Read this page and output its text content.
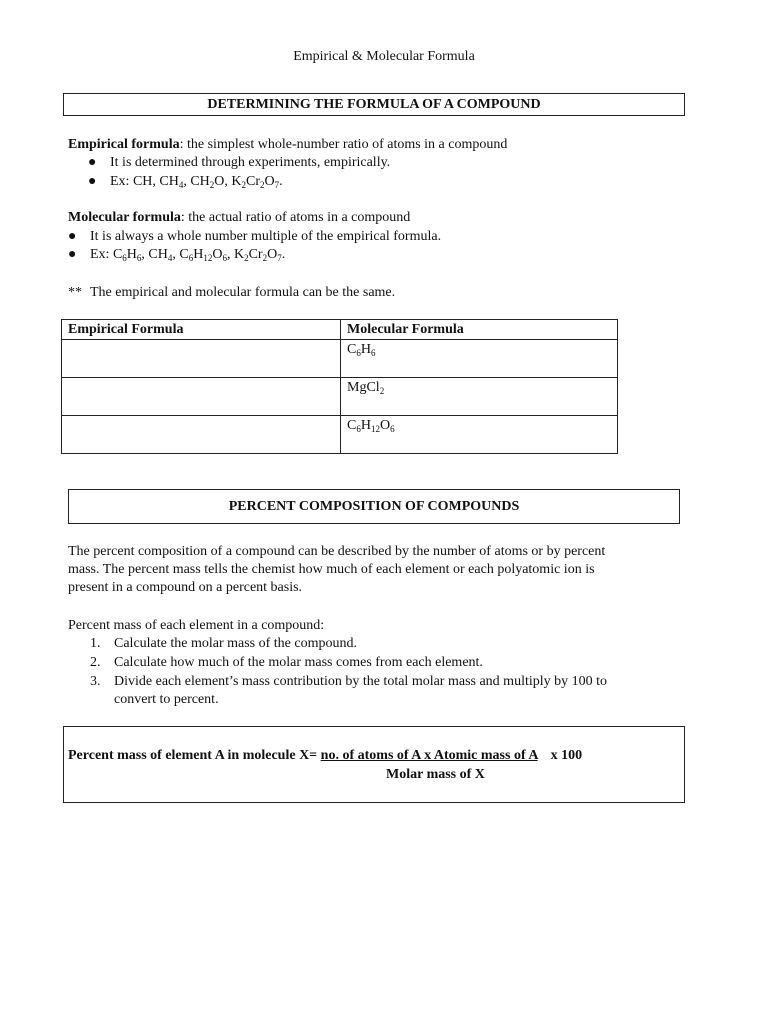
Empirical & Molecular Formula
DETERMINING THE FORMULA OF A COMPOUND
Empirical formula: the simplest whole-number ratio of atoms in a compound
● It is determined through experiments, empirically.
● Ex: CH, $CH_4$, $CH_2O$, $K_2Cr_2O_7$.
Molecular formula: the actual ratio of atoms in a compound
● It is always a whole number multiple of the empirical formula.
● Ex: $C_6H_6$, $CH_4$, $C_6H_{12}O_6$, $K_2Cr_2O_7$.
** The empirical and molecular formula can be the same.
Empirical Formula	Molecular Formula
	$C_6H_6$
	MgCl$_2$
	$C_6H_{12}O_6$
PERCENT COMPOSITION OF COMPOUNDS
The percent composition of a compound can be described by the number of atoms or by percent
mass. The percent mass tells the chemist how much of each element or each polyatomic ion is
present in a compound on a percent basis.
Percent mass of each element in a compound:
1. Calculate the molar mass of the compound.
2. Calculate how much of the molar mass comes from each element.
3. Divide each element’s mass contribution by the total molar mass and multiply by 100 to convert to percent.
Percent mass of element A in molecule X= no. of atoms of A x Atomic mass of A x 100
Molar mass of X
